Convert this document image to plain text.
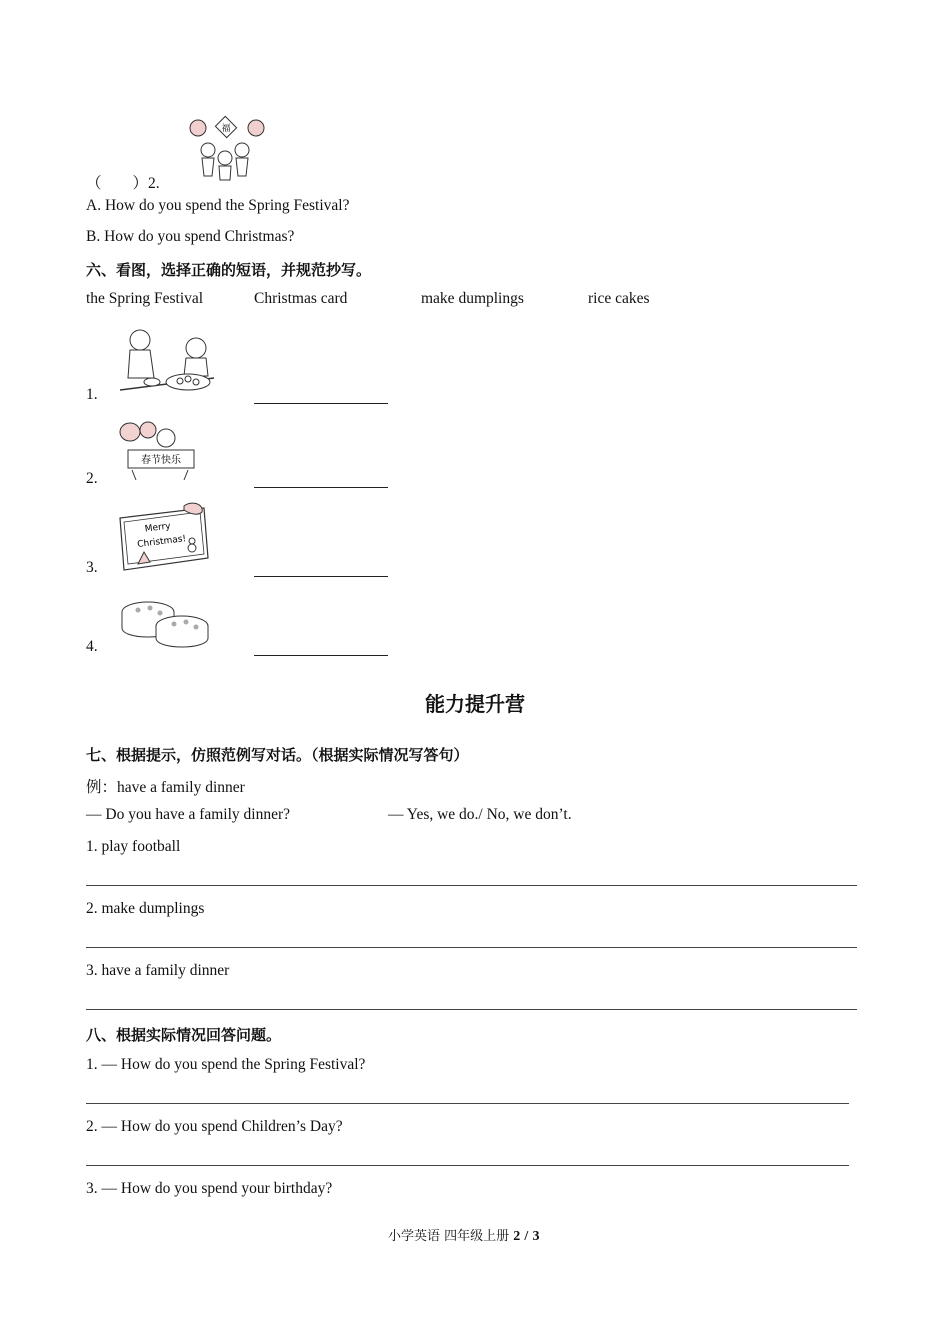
福
（　　）2.
A. How do you spend the Spring Festival?
B. How do you spend Christmas?
六、看图，选择正确的短语，并规范抄写。
the Spring Festival	Christmas card	make dumplings	rice cakes
1.
春节快乐
2.
Merry
Christmas!
3.
4.
能力提升营
七、根据提示，仿照范例写对话。（根据实际情况写答句）
例：have a family dinner
— Do you have a family dinner?	— Yes, we do./ No, we don’t.
1. play football
2. make dumplings
3. have a family dinner
八、根据实际情况回答问题。
1. — How do you spend the Spring Festival?
2. — How do you spend Children’s Day?
3. — How do you spend your birthday?
小学英语 四年级上册 2 / 3
